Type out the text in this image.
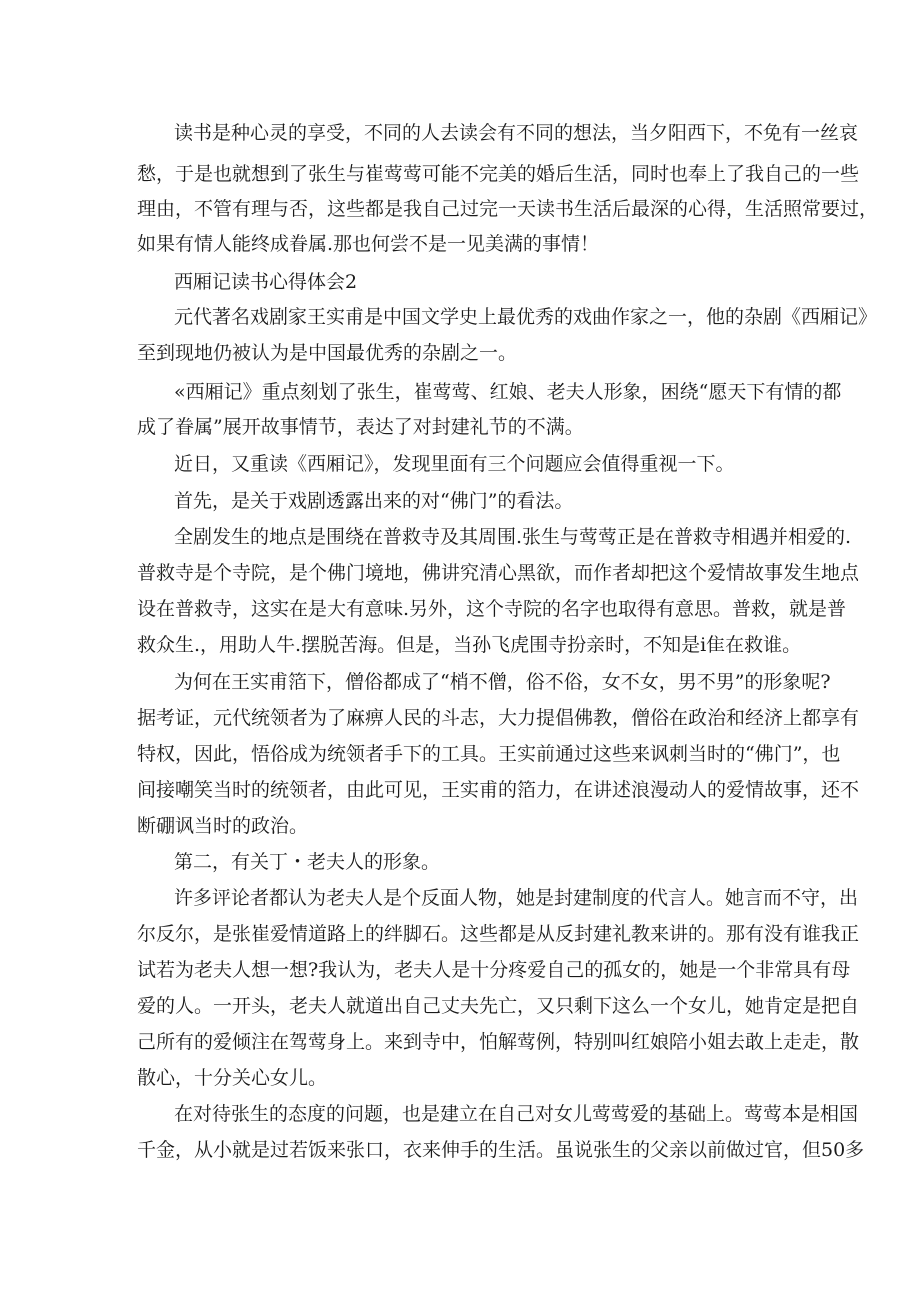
读书是种心灵的享受，不同的人去读会有不同的想法，当夕阳西下，不免有一丝哀
愁，于是也就想到了张生与崔莺莺可能不完美的婚后生活，同时也奉上了我自己的一些
理由，不管有理与否，这些都是我自己过完一天读书生活后最深的心得，生活照常要过，
如果有情人能终成眷属.那也何尝不是一见美满的事情！
西厢记读书心得体会2
元代著名戏剧家王实甫是中国文学史上最优秀的戏曲作家之一，他的杂剧《西厢记》
至到现地仍被认为是中国最优秀的杂剧之一。
«西厢记》重点刻划了张生，崔莺莺、红娘、老夫人形象，困绕“愿天下有情的都
成了眷属”展开故事情节，表达了对封建礼节的不满。
近日，又重读《西厢记》，发现里面有三个问题应会值得重视一下。
首先，是关于戏剧透露出来的对“佛门”的看法。
全剧发生的地点是围绕在普救寺及其周围.张生与莺莺正是在普救寺相遇并相爱的.
普救寺是个寺院，是个佛门境地，佛讲究清心黑欲，而作者却把这个爱情故事发生地点
设在普救寺，这实在是大有意味.另外，这个寺院的名字也取得有意思。普救，就是普
救众生.，用助人牛.摆脱苦海。但是，当孙飞虎围寺扮亲时，不知是i隹在救谁。
为何在王实甫箔下，僧俗都成了“梢不僧，俗不俗，女不女，男不男”的形象呢?
据考证，元代统领者为了麻痹人民的斗志，大力提倡佛教，僧俗在政治和经济上都享有
特权，因此，悟俗成为统领者手下的工具。王实前通过这些来讽刺当时的“佛门”，也
间接嘲笑当时的统领者，由此可见，王实甫的箔力，在讲述浪漫动人的爱情故事，还不
断硼讽当时的政治。
第二，有关丁・老夫人的形象。
许多评论者都认为老夫人是个反面人物，她是封建制度的代言人。她言而不守，出
尔反尔，是张崔爱情道路上的绊脚石。这些都是从反封建礼教来讲的。那有没有谁我正
试若为老夫人想一想?我认为，老夫人是十分疼爱自己的孤女的，她是一个非常具有母
爱的人。一开头，老夫人就道出自己丈夫先亡，又只剩下这么一个女儿，她肯定是把自
己所有的爱倾注在驾莺身上。来到寺中，怕解莺例，特别叫红娘陪小姐去敢上走走，散
散心，十分关心女儿。
在对待张生的态度的问题，也是建立在自己对女儿莺莺爱的基础上。莺莺本是相国
千金，从小就是过若饭来张口，衣来伸手的生活。虽说张生的父亲以前做过官，但50多
